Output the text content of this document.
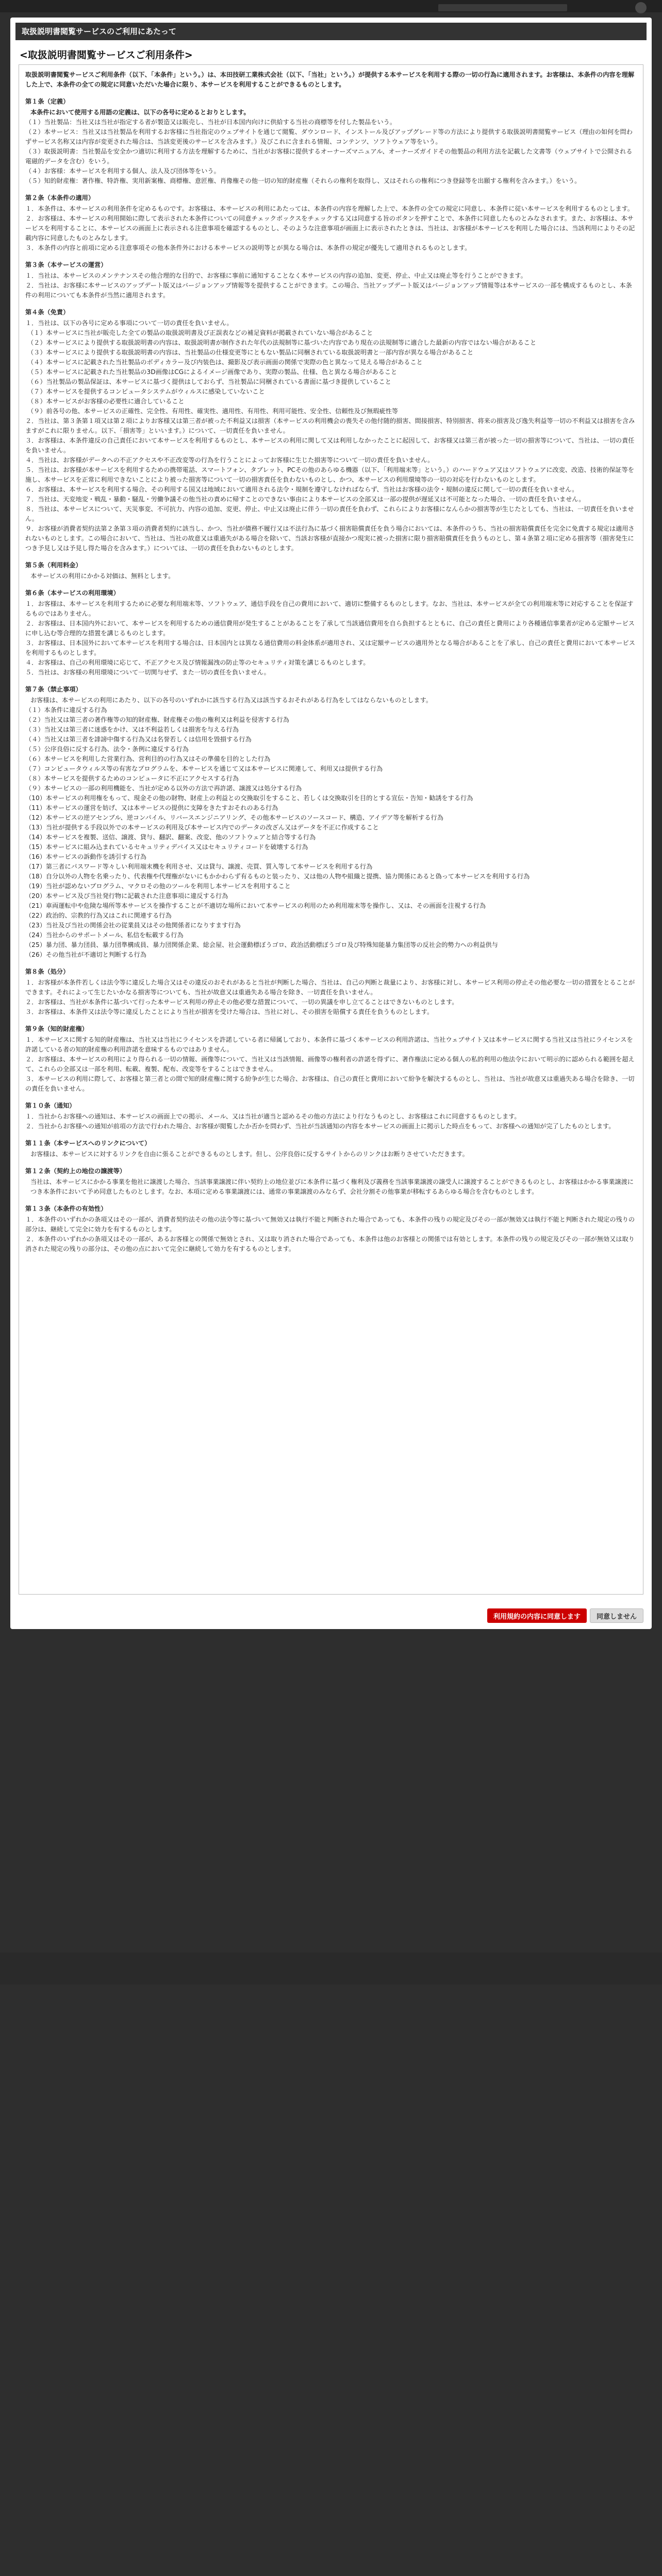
取扱説明書閲覧サービスのご利用にあたって
<取扱説明書閲覧サービスご利用条件>

取扱説明書閲覧サービスご利用条件（以下、「本条件」という。）は、本田技研工業株式会社（以下、「当社」という。）が提供する本サービスを利用する際の一切の行為に適用されます。お客様は、本条件の内容を理解した上で、本条件の全ての規定に同意いただいた場合に限り、本サービスを利用することができるものとします。

第１条（定義）
本条件において使用する用語の定義は、以下の各号に定めるとおりとします。
（１）当社製品：当社又は当社が指定する者が製造又は販売し、当社が日本国内向けに供給する当社の商標等を付した製品をいう。
（２）本サービス：当社又は当社製品を利用するお客様に当社指定のウェブサイトを通じて閲覧、ダウンロード、インストール及びアップグレード等の方法により提供する取扱説明書閲覧サービス（理由の如何を問わずサービス名称又は内容が変更された場合は、当該変更後のサービスを含みます。）及びこれに含まれる情報、コンテンツ、ソフトウェア等をいう。
（３）取扱説明書：当社製品を安全かつ適切に利用する方法を理解するために、当社がお客様に提供するオーナーズマニュアル、オーナーズガイドその他製品の利用方法を記載した文書等（ウェブサイトで公開される電磁的データを含む）をいう。
（４）お客様：本サービスを利用する個人、法人及び団体等をいう。
（５）知的財産権：著作権、特許権、実用新案権、商標権、意匠権、肖像権その他一切の知的財産権（それらの権利を取得し、又はそれらの権利につき登録等を出願する権利を含みます。）をいう。
第２条（本条件の適用）
１．本条件は、本サービスの利用条件を定めるものです。お客様は、本サービスの利用にあたっては、本条件の内容を理解した上で、本条件の全ての規定に同意し、本条件に従い本サービスを利用するものとします。
２．お客様は、本サービスの利用開始に際して表示された本条件についての同意チェックボックスをチェックする又は同意する旨のボタンを押すことで、本条件に同意したものとみなされます。また、お客様は、本サービスを利用することに、本サービスの画面上に表示される注意事項を確認するものとし、そのような注意事項が画面上に表示されたときは、当社は、お客様が本サービスを利用した場合には、当該利用によりその記載内容に同意したものとみなします。
３．本条件の内容と前項に定める注意事項その他本条件外における本サービスの説明等とが異なる場合は、本条件の規定が優先して適用されるものとします。
第３条（本サービスの運営）
１．当社は、本サービスのメンテナンスその他合理的な目的で、お客様に事前に通知することなく本サービスの内容の追加、変更、停止、中止又は廃止等を行うことができます。
２．当社は、お客様に本サービスのアップデート版又はバージョンアップ情報等を提供することができます。この場合、当社アップデート版又はバージョンアップ情報等は本サービスの一部を構成するものとし、本条件の利用についても本条件が当然に適用されます。
第４条（免責）
１．当社は、以下の各号に定める事項について一切の責任を負いません。
（１）本サービスに当社が販売した全ての製品の取扱説明書及び正誤表などの補足資料が掲載されていない場合があること
（２）本サービスにより提供する取扱説明書の内容は、取扱説明書が制作された年代の法規制等に基づいた内容であり現在の法規制等に適合した最新の内容ではない場合があること
（３）本サービスにより提供する取扱説明書の内容は、当社製品の仕様変更等にともない製品に同梱されている取扱説明書と一部内容が異なる場合があること
（４）本サービスに記載された当社製品のボディカラー及び内装色は、撮影及び表示画面の関係で実際の色と異なって見える場合があること
（５）本サービスに記載された当社製品の3D画像はCGによるイメージ画像であり、実際の製品、仕様、色と異なる場合があること
（６）当社製品の製品保証は、本サービスに基づく提供はしておらず、当社製品に同梱されている書面に基づき提供していること
（７）本サービスを提供するコンピュータシステムがウィルスに感染していないこと
（８）本サービスがお客様の必要性に適合していること
（９）前各号の他、本サービスの正確性、完全性、有用性、確実性、適用性、有用性、利用可能性、安全性、信頼性及び無瑕疵性等
２．当社は、第３条第１項又は第２項によりお客様又は第三者が被った不利益又は損害（本サービスの利用機会の喪失その他付随的損害、間接損害、特別損害、将来の損害及び逸失利益等一切の不利益又は損害を含みますがこれに限りません。以下、「損害等」といいます。）について、一切責任を負いません。
３．お客様は、本条件違反の自己責任において本サービスを利用するものとし、本サービスの利用に関して又は利用しなかったことに起因して、お客様又は第三者が被った一切の損害等について、当社は、一切の責任を負いません。
４．当社は、お客様がデータへの不正アクセスや不正改変等の行為を行うことによってお客様に生じた損害等について一切の責任を負いません。
５．当社は、お客様が本サービスを利用するための携帯電話、スマートフォン、タブレット、PCその他のあらゆる機器（以下、「利用端末等」という。）のハードウェア又はソフトウェアに改変、改造、技術的保証等を施し、本サービスを正常に利用できないことにより被った損害等について一切の損害責任を負わないものとし、かつ、本サービスの利用環境等の一切の対応を行わないものとします。
６．お客様は、本サービスを利用する場合、その利用する国又は地域において適用される法令・規制を遵守しなければならず、当社はお客様の法令・規制の違反に関して一切の責任を負いません。
７．当社は、天変地変・戦乱・暴動・騒乱・労働争議その他当社の責めに帰すことのできない事由により本サービスの全部又は一部の提供が遅延又は不可能となった場合、一切の責任を負いません。
８．当社は、本サービスについて、天災事変、不可抗力、内容の追加、変更、停止、中止又は廃止に伴う一切の責任を負わず、これらによりお客様になんらかの損害等が生じたとしても、当社は、一切責任を負いません。
９．お客様が消費者契約法第２条第３項の消費者契約に該当し、かつ、当社が債務不履行又は不法行為に基づく損害賠償責任を負う場合においては、本条件のうち、当社の損害賠償責任を完全に免責する規定は適用されないものとします。この場合において、当社は、当社の故意又は重過失がある場合を除いて、当該お客様が直接かつ現実に被った損害に限り損害賠償責任を負うものとし、第４条第２項に定める損害等（損害発生につき予見し又は予見し得た場合を含みます。）については、一切の責任を負わないものとします。
第５条（利用料金）
本サービスの利用にかかる対価は、無料とします。
第６条（本サービスの利用環境）
１．お客様は、本サービスを利用するために必要な利用端末等、ソフトウェア、通信手段を自己の費用において、適切に整備するものとします。なお、当社は、本サービスが全ての利用端末等に対応することを保証するものではありません。
２．お客様は、日本国内外において、本サービスを利用するための通信費用が発生することがあることを了承して当該通信費用を自ら負担するとともに、自己の責任と費用により各種通信事業者が定める定額サービスに申し込む等合理的な措置を講じるものとします。
３．お客様は、日本国外において本サービスを利用する場合は、日本国内とは異なる通信費用の料金体系が適用され、又は定額サービスの適用外となる場合があることを了承し、自己の責任と費用において本サービスを利用するものとします。
４．お客様は、自己の利用環境に応じて、不正アクセス及び情報漏洩の防止等のセキュリティ対策を講じるものとします。
５．当社は、お客様の利用環境について一切関与せず、また一切の責任を負いません。
第７条（禁止事項）
お客様は、本サービスの利用にあたり、以下の各号のいずれかに該当する行為又は該当するおそれがある行為をしてはならないものとします。
（１）本条件に違反する行為
（２）当社又は第三者の著作権等の知的財産権、財産権その他の権利又は利益を侵害する行為
（３）当社又は第三者に迷惑をかけ、又は不利益若しくは損害を与える行為
（４）当社又は第三者を誹謗中傷する行為又は名誉若しくは信用を毀損する行為
（５）公序良俗に反する行為、法令・条例に違反する行為
（６）本サービスを利用した営業行為、営利目的の行為又はその準備を目的とした行為
（７）コンピュータウィルス等の有害なプログラムを、本サービスを通じて又は本サービスに関連して、利用又は提供する行為
（８）本サービスを提供するためのコンピュータに不正にアクセスする行為
（９）本サービスの一部の利用機能を、当社が定める以外の方法で再許諾、譲渡又は処分する行為
（10）本サービスの利用権をもって、現金その他の財物、財産上の利益との交換取引をすること、若しくは交換取引を目的とする宣伝・告知・勧誘をする行為
（11）本サービスの運営を妨げ、又は本サービスの提供に支障をきたすおそれのある行為
（12）本サービスの逆アセンブル、逆コンパイル、リバースエンジニアリング、その他本サービスのソースコード、構造、アイデア等を解析する行為
（13）当社が提供する手段以外での本サービスの利用及び本サービス内でのデータの改ざん又はデータを不正に作成すること
（14）本サービスを複製、送信、譲渡、貸与、翻訳、翻案、改変、他のソフトウェアと結合等する行為
（15）本サービスに組み込まれているセキュリティデバイス又はセキュリティコードを破壊する行為
（16）本サービスの訴動作を誘引する行為
（17）第三者にパスワード等々しい利用端末機を利用させ、又は貸与、譲渡、売買、質入等して本サービスを利用する行為
（18）自分以外の人物を名乗ったり、代表権や代理権がないにもかかわらず有るものと装ったり、又は他の人物や組織と提携、協力関係にあると偽って本サービスを利用する行為
（19）当社が認めないプログラム、マクロその他のツールを利用し本サービスを利用すること
（20）本サービス及び当社発行物に記載された注意事項に違反する行為
（21）車両運転中や危険な場所等本サービスを操作することが不適切な場所において本サービスの利用のため利用端末等を操作し、又は、その画面を注視する行為
（22）政治的、宗教的行為又はこれに関連する行為
（23）当社及び当社の関係会社の従業員又はその他関係者になりすます行為
（24）当社からのサポートメール、私信を転載する行為
（25）暴力団、暴力団員、暴力団準構成員、暴力団関係企業、総会屋、社会運動標ぼうゴロ、政治活動標ぼうゴロ及び特殊知能暴力集団等の反社会的勢力への利益供与
（26）その他当社が不適切と判断する行為
第８条（処分）
１．お客様が本条件若しくは法令等に違反した場合又はその違反のおそれがあると当社が判断した場合、当社は、自己の判断と裁量により、お客様に対し、本サービス利用の停止その他必要な一切の措置をとることができます。それによって生じたいかなる損害等についても、当社が故意又は重過失ある場合を除き、一切責任を負いません。
２．お客様は、当社が本条件に基づいて行った本サービス利用の停止その他必要な措置について、一切の異議を申し立てることはできないものとします。
３．お客様は、本条件又は法令等に違反したことにより当社が損害を受けた場合は、当社に対し、その損害を賠償する責任を負うものとします。
第９条（知的財産権）
１．本サービスに関する知的財産権は、当社又は当社にライセンスを許諾している者に帰属しており、本条件に基づく本サービスの利用許諾は、当社ウェブサイト又は本サービスに関する当社又は当社にライセンスを許諾している者の知的財産権の利用許諾を意味するものではありません。
２．お客様は、本サービスの利用により得られる一切の情報、画像等について、当社又は当該情報、画像等の権利者の許諾を得ずに、著作権法に定める個人の私的利用の他法令において明示的に認められる範囲を超えて、これらの全部又は一部を利用、転載、複製、配布、改変等をすることはできません。
３．本サービスの利用に際して、お客様と第三者との間で知的財産権に関する紛争が生じた場合、お客様は、自己の責任と費用において紛争を解決するものとし、当社は、当社が故意又は重過失ある場合を除き、一切の責任を負いません。
第１０条（通知）
１．当社からお客様への通知は、本サービスの画面上での掲示、メール、又は当社が適当と認めるその他の方法により行なうものとし、お客様はこれに同意するものとします。
２．当社からお客様への通知が前項の方法で行われた場合、お客様が閲覧したか否かを問わず、当社が当該通知の内容を本サービスの画面上に掲示した時点をもって、お客様への通知が完了したものとします。
第１１条（本サービスへのリンクについて）
お客様は、本サービスに対するリンクを自由に張ることができるものとします。但し、公序良俗に反するサイトからのリンクはお断りさせていただきます。
第１２条（契約上の地位の譲渡等）
当社は、本サービスにかかる事業を他社に譲渡した場合、当該事業譲渡に伴い契約上の地位並びに本条件に基づく権利及び義務を当該事業譲渡の譲受人に譲渡することができるものとし、お客様はかかる事業譲渡につき本条件において予め同意したものとします。なお、本項に定める事業譲渡には、通常の事業譲渡のみならず、会社分割その他事業が移転するあらゆる場合を含むものとします。
第１３条（本条件の有効性）
１．本条件のいずれかの条項又はその一部が、消費者契約法その他の法令等に基づいて無効又は執行不能と判断された場合であっても、本条件の残りの規定及びその一部が無効又は執行不能と判断された規定の残りの部分は、継続して完全に効力を有するものとします。
２．本条件のいずれかの条項又はその一部が、あるお客様との関係で無効とされ、又は取り消された場合であっても、本条件は他のお客様との関係では有効とします。本条件の残りの規定及びその一部が無効又は取り消された規定の残りの部分は、その他の点において完全に継続して効力を有するものとします。
利用規約の内容に同意します	同意しません
